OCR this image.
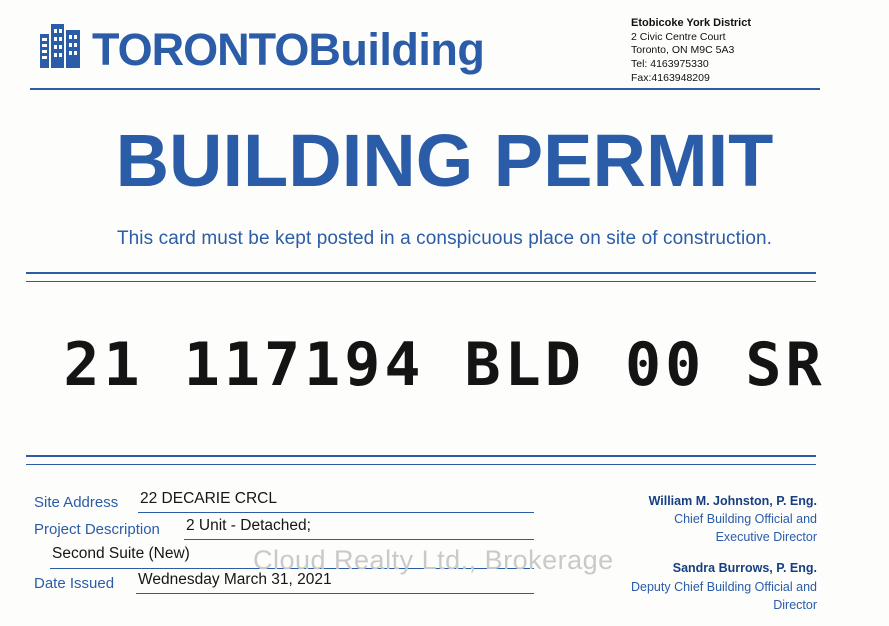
TORONTOBuilding
Etobicoke York District
2 Civic Centre Court
Toronto, ON M9C 5A3
Tel: 4163975330
Fax:4163948209
BUILDING PERMIT
This card must be kept posted in a conspicuous place on site of construction.
21 117194 BLD 00 SR
Site Address 22 DECARIE CRCL
Project Description 2 Unit - Detached;
Second Suite (New)
Date Issued Wednesday March 31, 2021
William M. Johnston, P. Eng.
Chief Building Official and
Executive Director
Sandra Burrows, P. Eng.
Deputy Chief Building Official and
Director
Cloud Realty Ltd., Brokerage
